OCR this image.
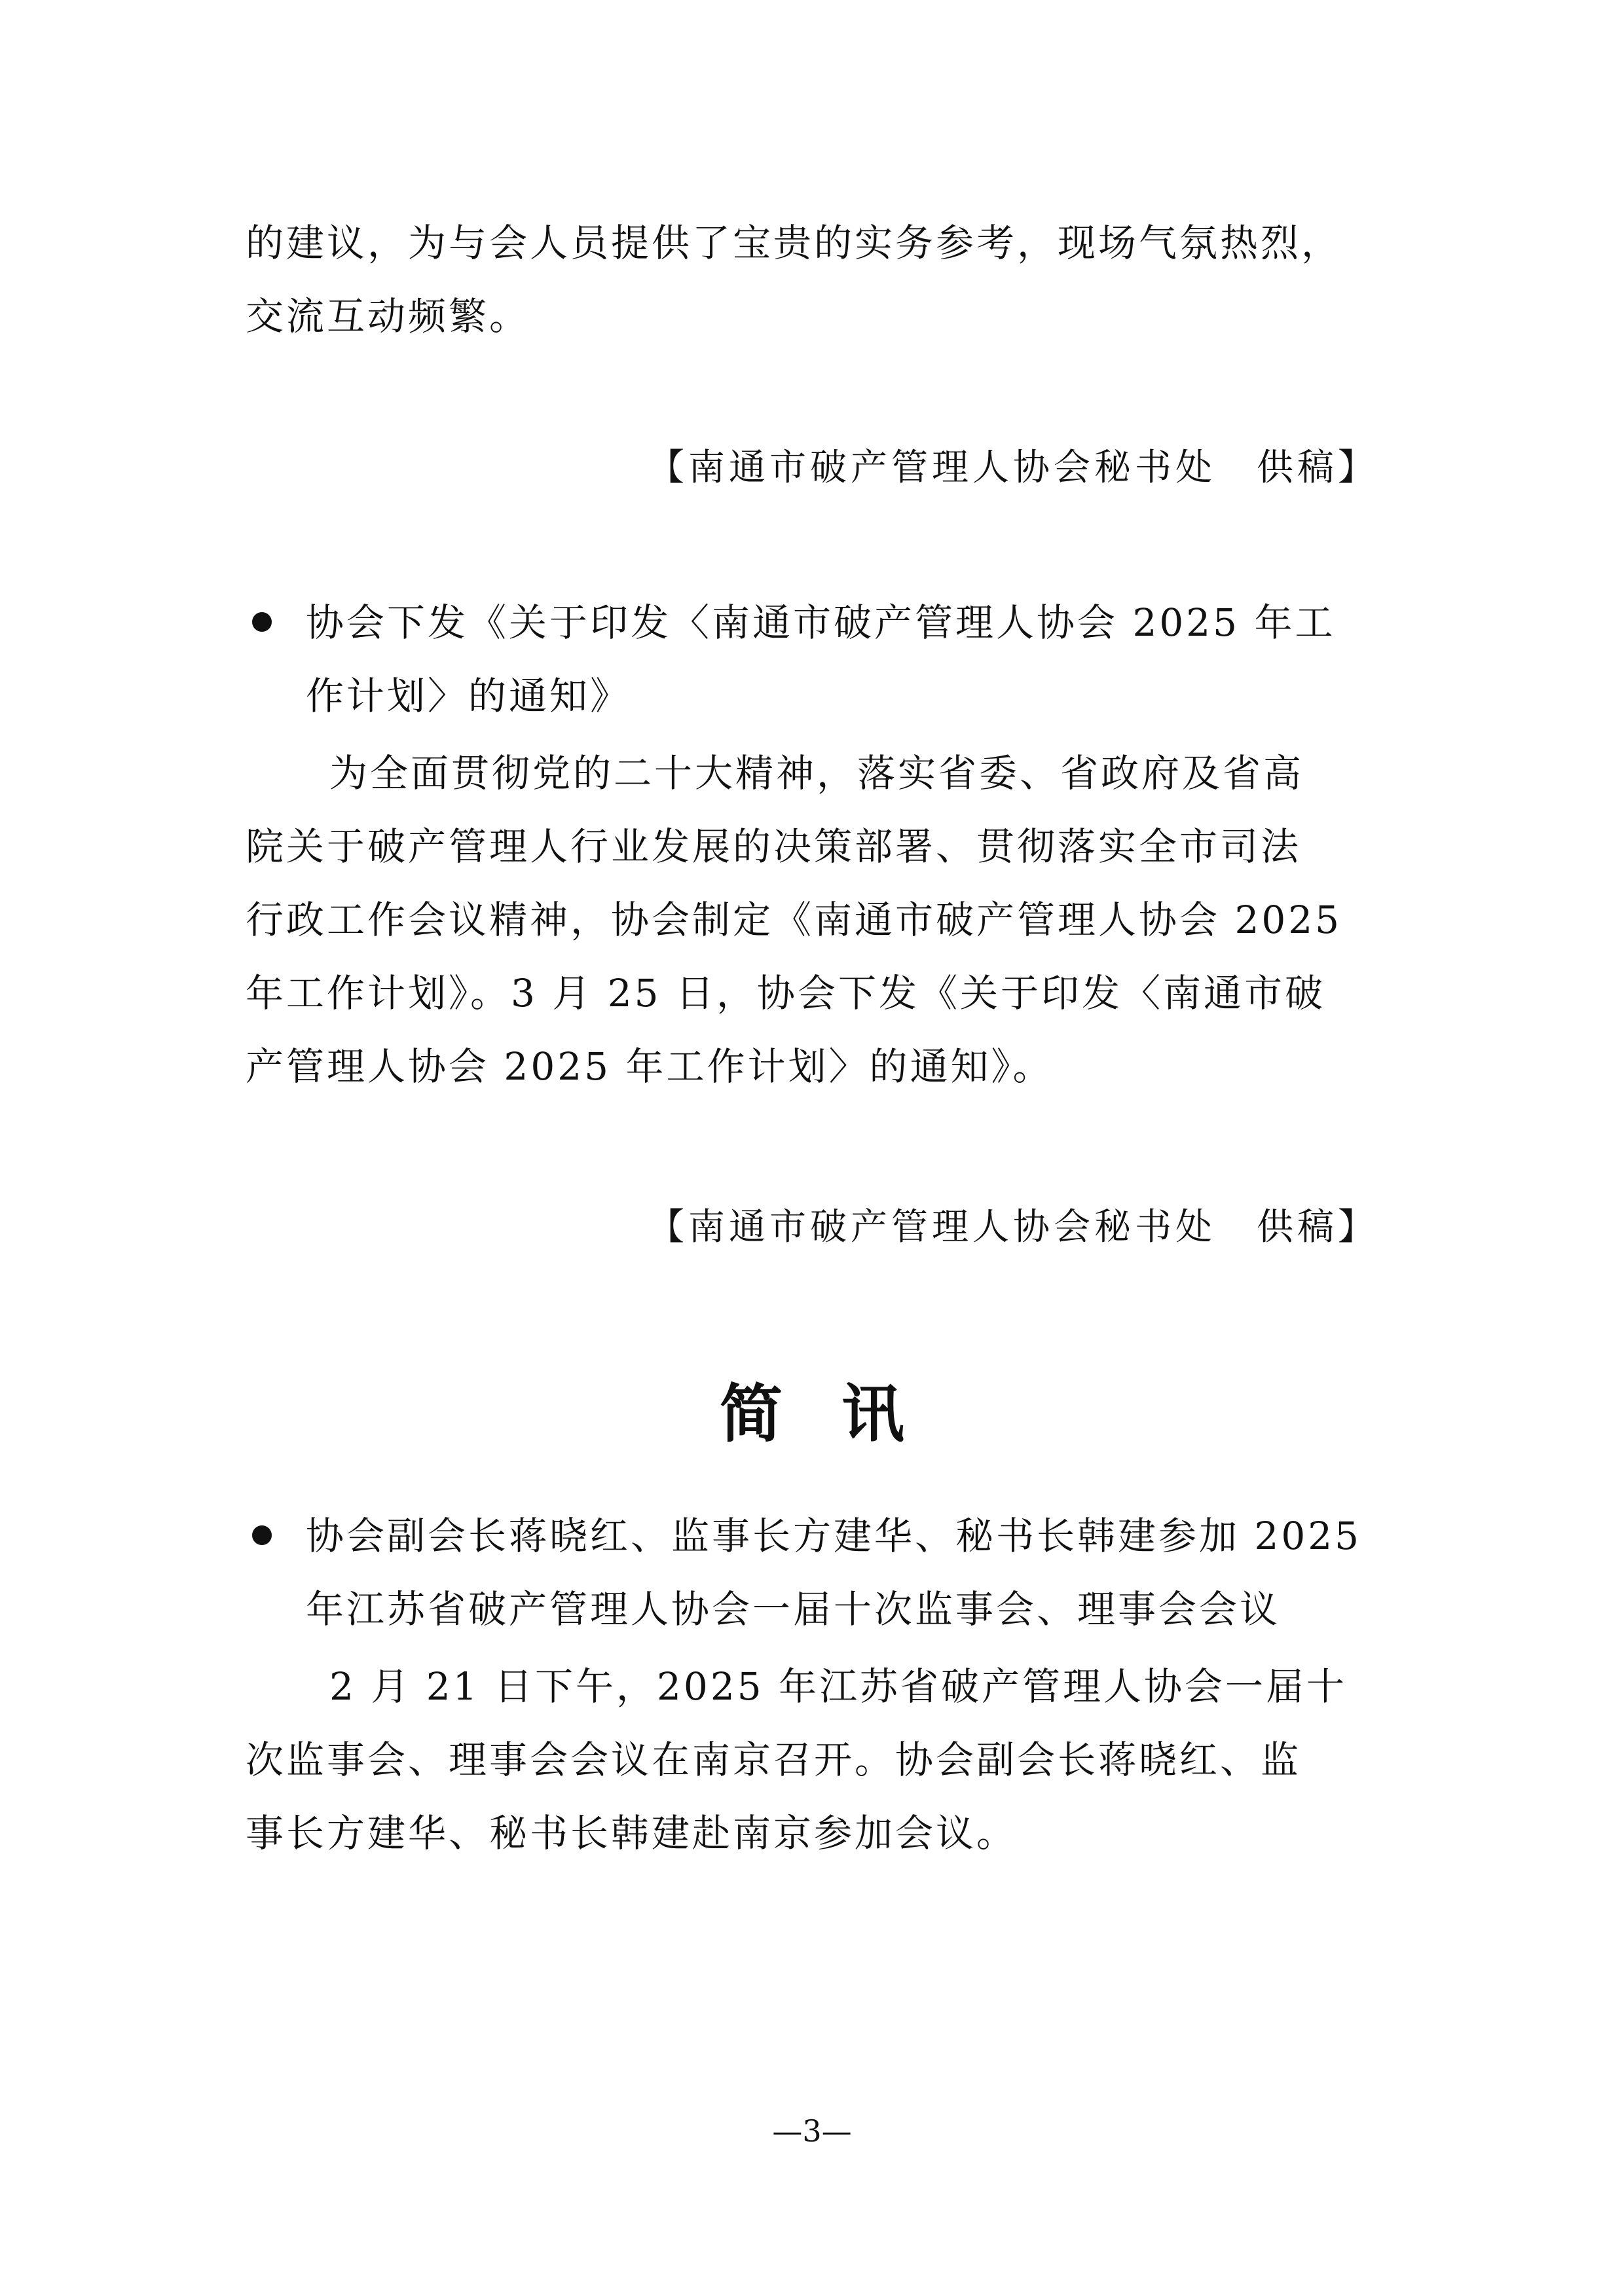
的建议，为与会人员提供了宝贵的实务参考，现场气氛热烈，
交流互动频繁。
【南通市破产管理人协会秘书处　供稿】
协会下发《关于印发〈南通市破产管理人协会 2025 年工
作计划〉的通知》
为全面贯彻党的二十大精神，落实省委、省政府及省高
院关于破产管理人行业发展的决策部署、贯彻落实全市司法
行政工作会议精神，协会制定《南通市破产管理人协会 2025
年工作计划》。3 月 25 日，协会下发《关于印发〈南通市破
产管理人协会 2025 年工作计划〉的通知》。
【南通市破产管理人协会秘书处　供稿】
简讯
协会副会长蒋晓红、监事长方建华、秘书长韩建参加 2025
年江苏省破产管理人协会一届十次监事会、理事会会议
2 月 21 日下午，2025 年江苏省破产管理人协会一届十
次监事会、理事会会议在南京召开。协会副会长蒋晓红、监
事长方建华、秘书长韩建赴南京参加会议。
—3—
